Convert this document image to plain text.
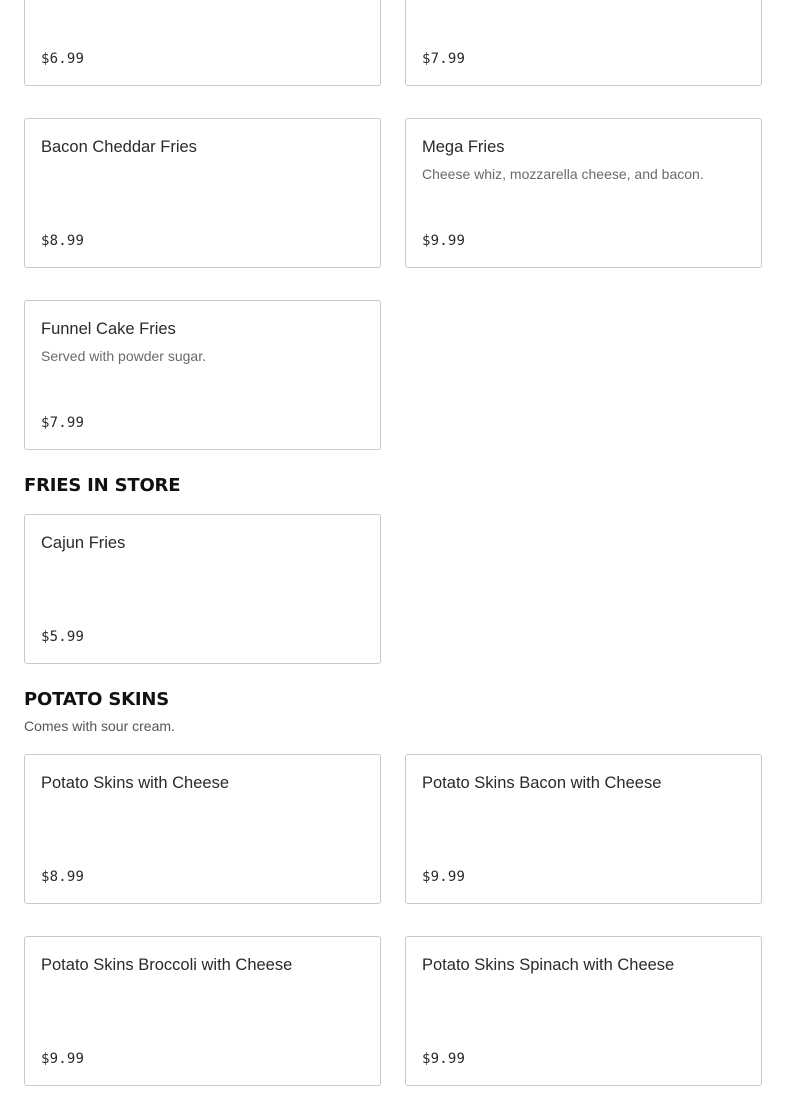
$6.99	$7.99
Bacon Cheddar Fries
$8.99
Mega Fries
Cheese whiz, mozzarella cheese, and bacon.
$9.99
Funnel Cake Fries
Served with powder sugar.
$7.99
FRIES IN STORE
Cajun Fries
$5.99
POTATO SKINS

Comes with sour cream.

Potato Skins with Cheese
$8.99
Potato Skins Bacon with Cheese
$9.99
Potato Skins Broccoli with Cheese
$9.99
Potato Skins Spinach with Cheese
$9.99
